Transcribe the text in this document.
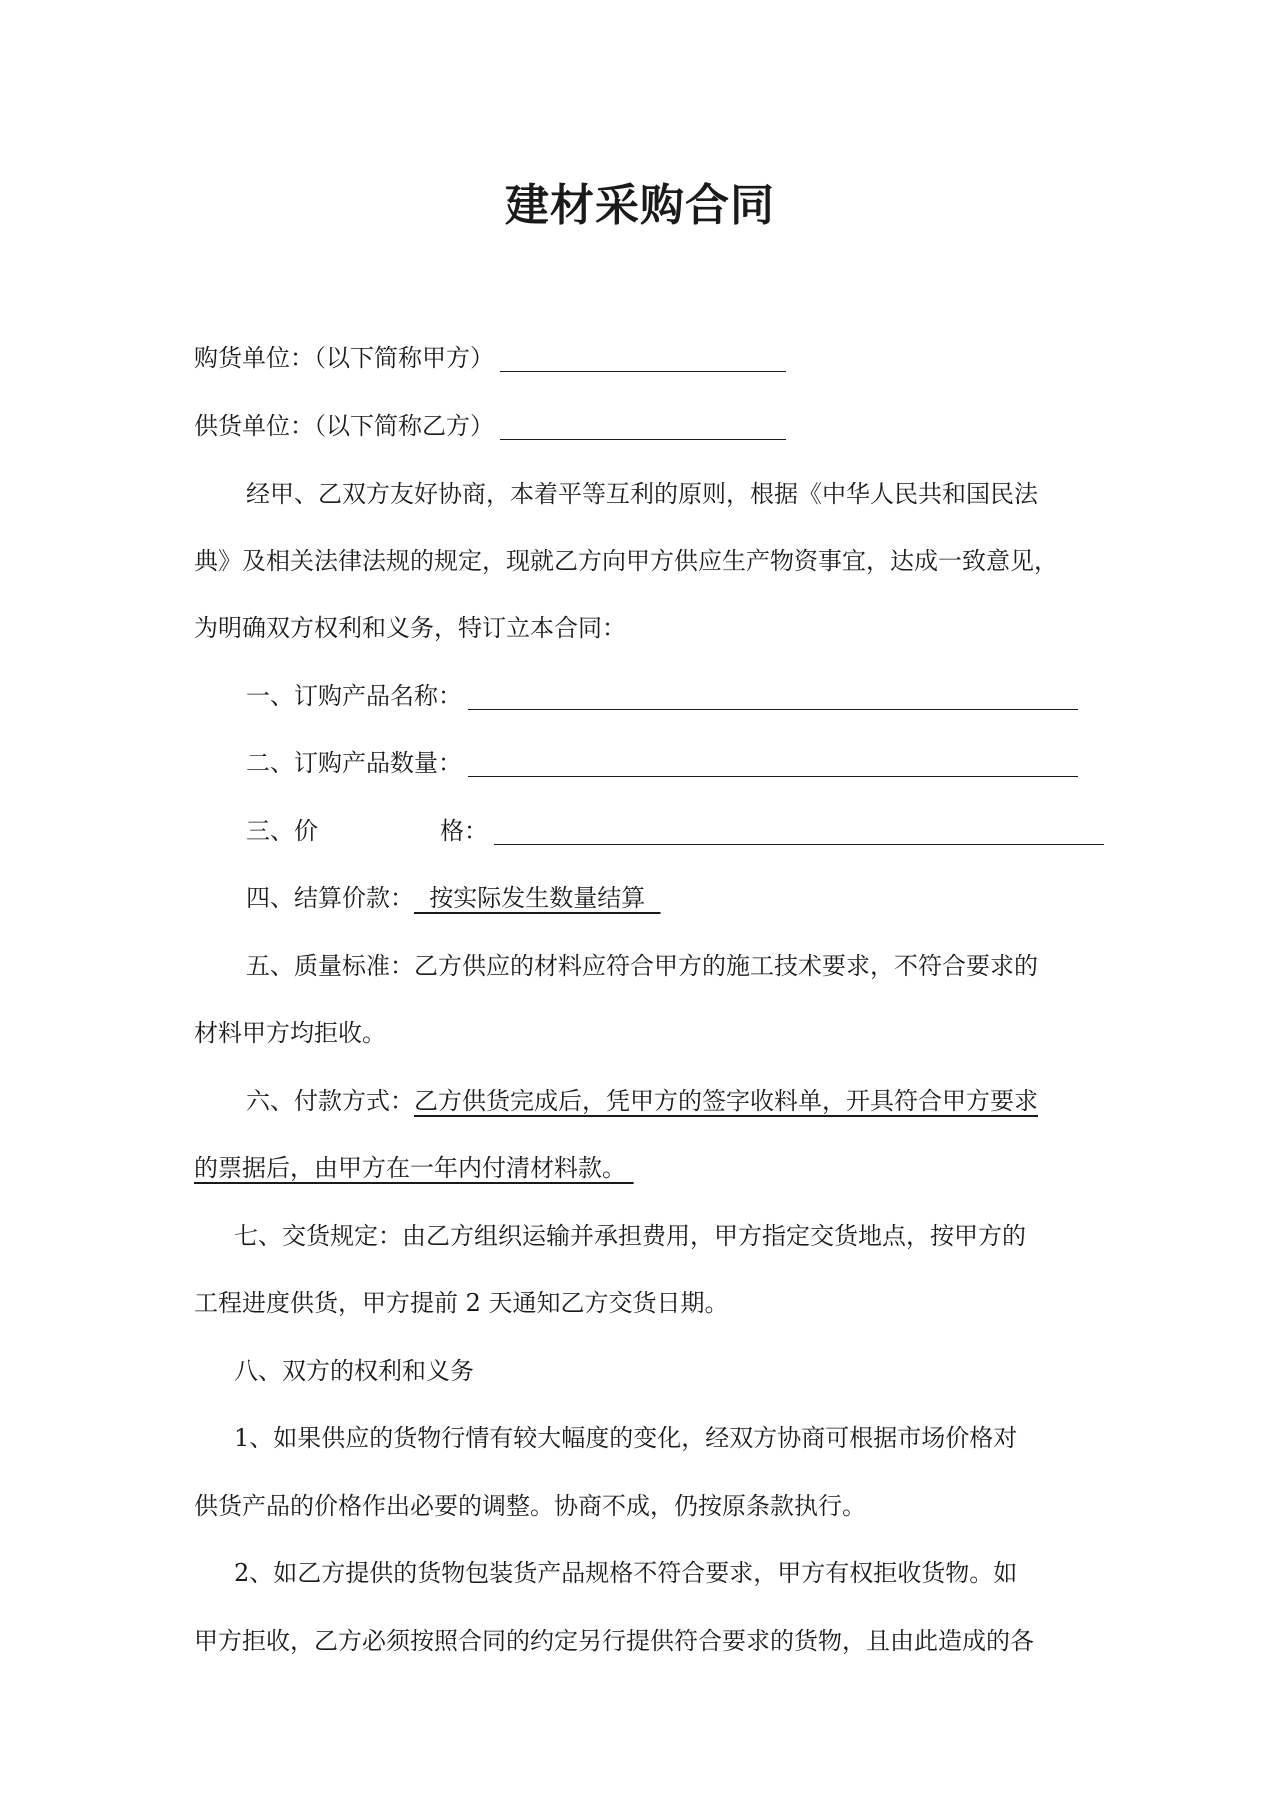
建材采购合同
购货单位：（以下简称甲方）
供货单位：（以下简称乙方）
经甲、乙双方友好协商，本着平等互利的原则，根据《中华人民共和国民法
典》及相关法律法规的规定，现就乙方向甲方供应生产物资事宜，达成一致意见，
为明确双方权利和义务，特订立本合同：
一、订购产品名称：
二、订购产品数量：
三、价	格：
四、结算价款：  按实际发生数量结算
五、质量标准：乙方供应的材料应符合甲方的施工技术要求，不符合要求的
材料甲方均拒收。
六、付款方式：乙方供货完成后，凭甲方的签字收料单，开具符合甲方要求
的票据后，由甲方在一年内付清材料款。
七、交货规定：由乙方组织运输并承担费用，甲方指定交货地点，按甲方的
工程进度供货，甲方提前 2 天通知乙方交货日期。
八、双方的权利和义务
1、如果供应的货物行情有较大幅度的变化，经双方协商可根据市场价格对
供货产品的价格作出必要的调整。协商不成，仍按原条款执行。
2、如乙方提供的货物包装货产品规格不符合要求，甲方有权拒收货物。如
甲方拒收，乙方必须按照合同的约定另行提供符合要求的货物，且由此造成的各
